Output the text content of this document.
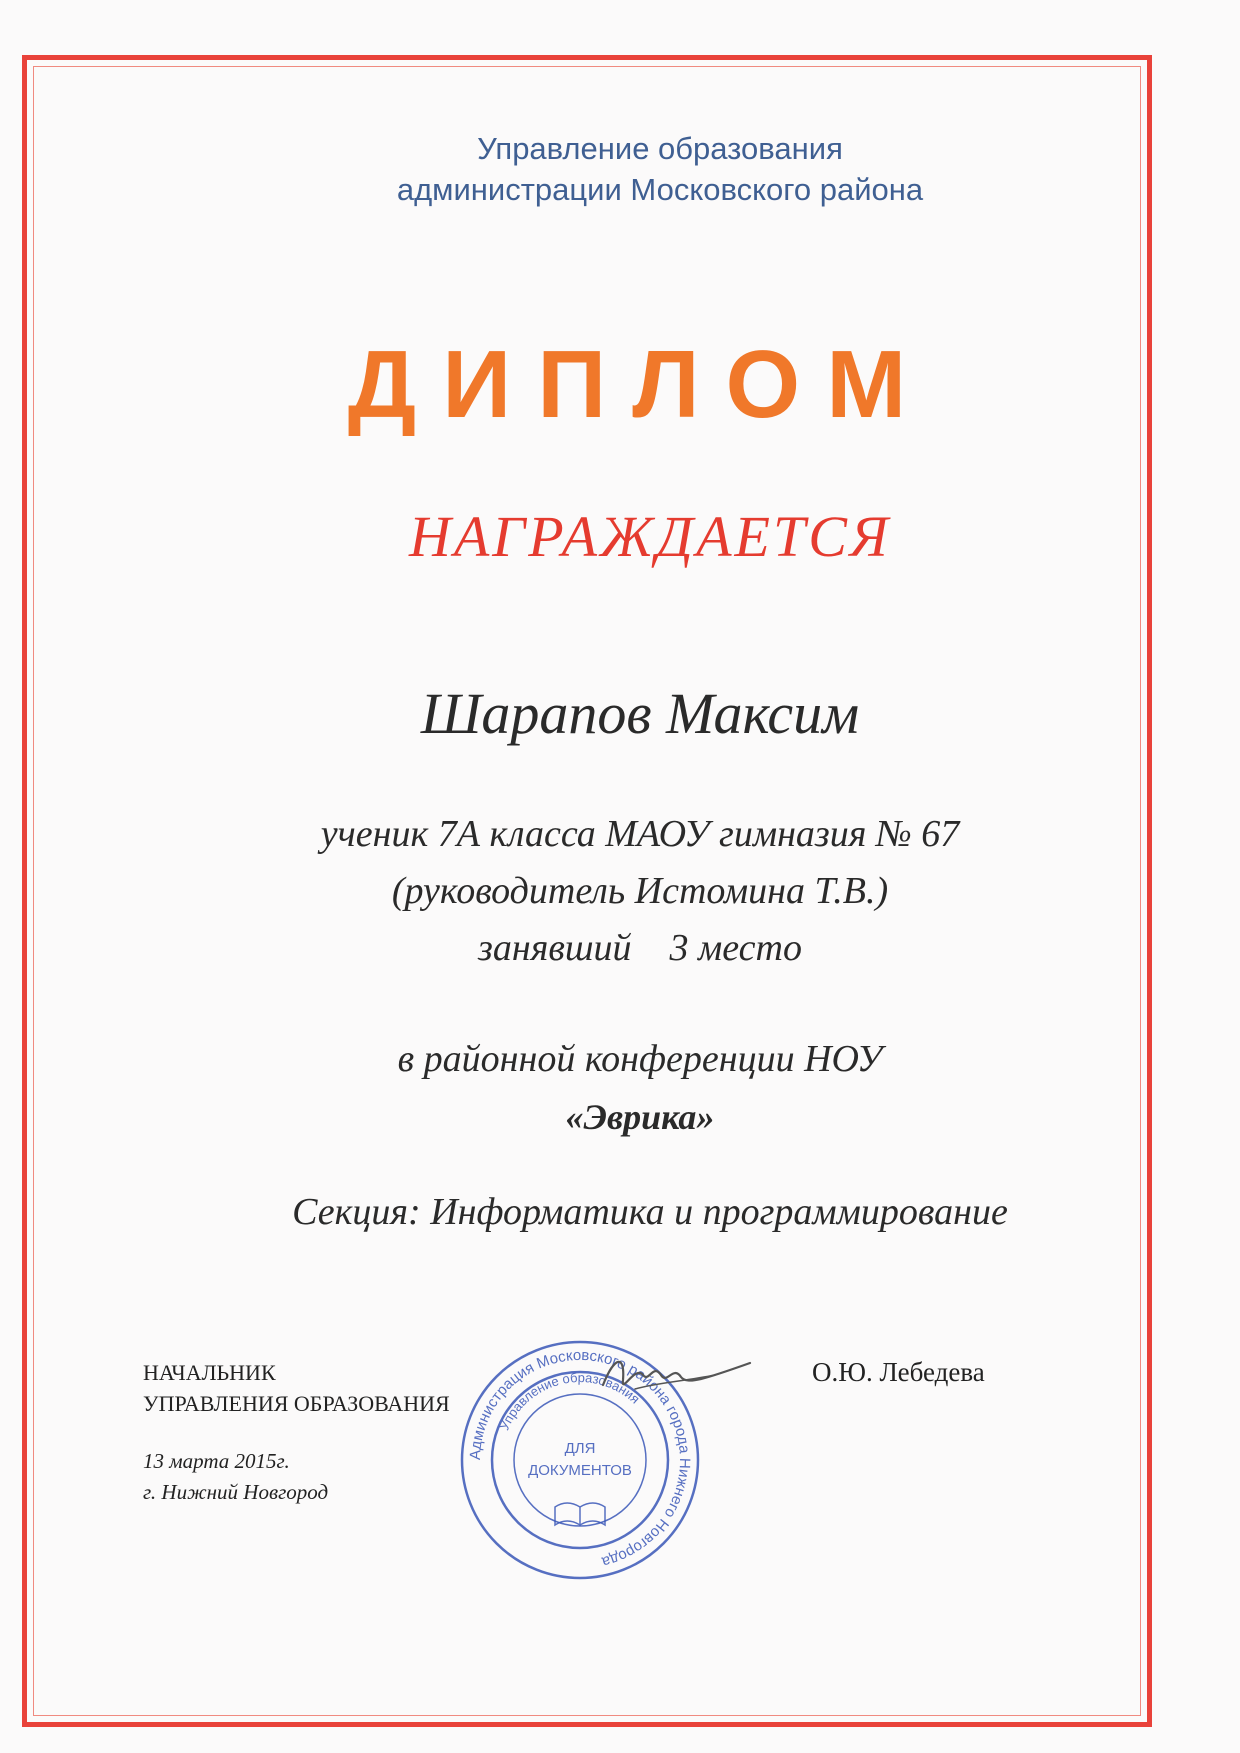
Управление образования
администрации Московского района
ДИПЛОМ
НАГРАЖДАЕТСЯ
Шарапов Максим
ученик 7А класса МАОУ гимназия № 67
(руководитель Истомина Т.В.)
занявший    3 место
в районной конференции НОУ
«Эврика»
Секция: Информатика и программирование
НАЧАЛЬНИК
УПРАВЛЕНИЯ ОБРАЗОВАНИЯ
О.Ю. Лебедева
13 марта 2015г.
г. Нижний Новгород
Администрация Московского района города Нижнего Новгорода
Управление образования
ДЛЯ
ДОКУМЕНТОВ
